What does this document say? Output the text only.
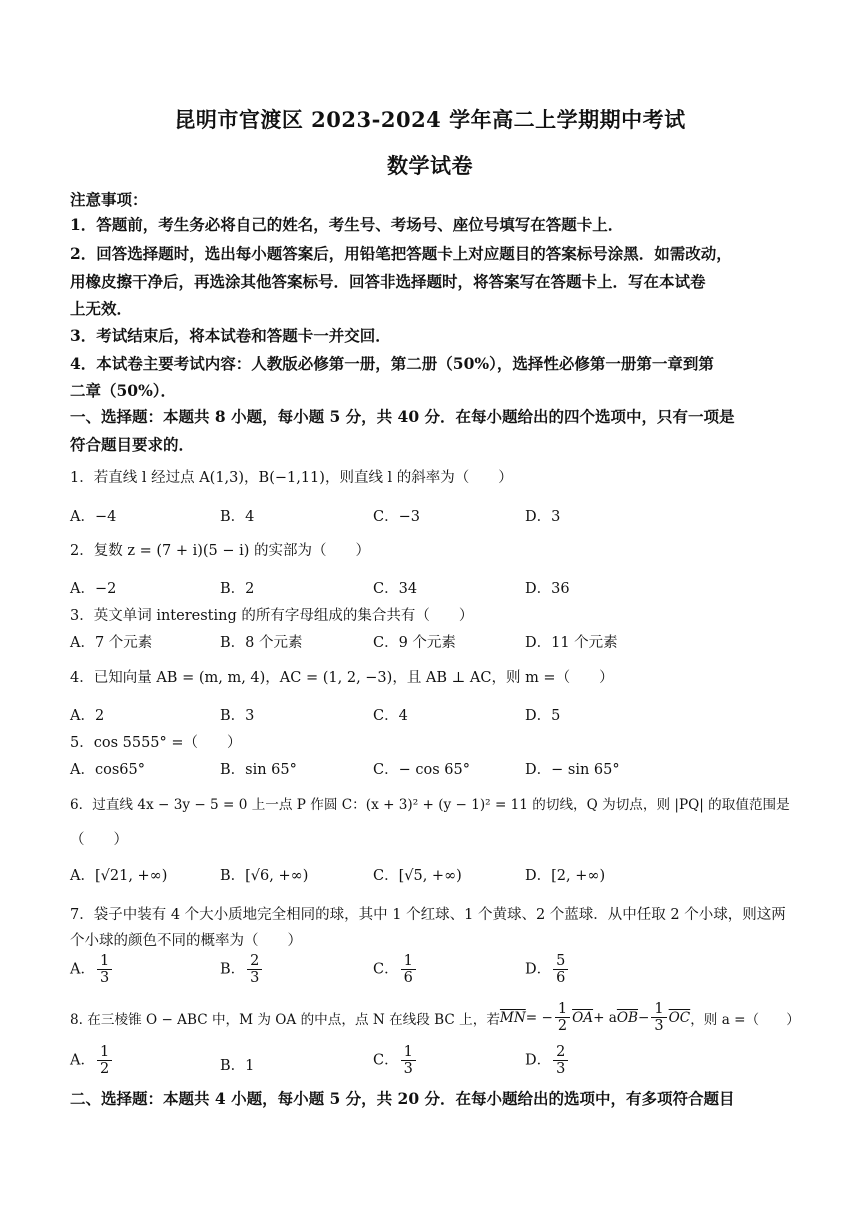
昆明市官渡区 2023-2024 学年高二上学期期中考试
数学试卷
注意事项：
1．答题前，考生务必将自己的姓名，考生号、考场号、座位号填写在答题卡上．
2．回答选择题时，选出每小题答案后，用铅笔把答题卡上对应题目的答案标号涂黑．如需改动，
用橡皮擦干净后，再选涂其他答案标号．回答非选择题时，将答案写在答题卡上．写在本试卷
上无效．
3．考试结束后，将本试卷和答题卡一并交回．
4．本试卷主要考试内容：人教版必修第一册，第二册（50%），选择性必修第一册第一章到第
二章（50%）．
一、选择题：本题共 8 小题，每小题 5 分，共 40 分．在每小题给出的四个选项中，只有一项是
符合题目要求的．
1．若直线 l 经过点 A(1,3)，B(−1,11)，则直线 l 的斜率为（　　）
A．−4	B．4	C．−3	D．3
2．复数 z = (7 + i)(5 − i) 的实部为（　　）
A．−2	B．2	C．34	D．36
3．英文单词 interesting 的所有字母组成的集合共有（　　）
A．7 个元素	B．8 个元素	C．9 个元素	D．11 个元素
4．已知向量 AB = (m, m, 4)，AC = (1, 2, −3)，且 AB ⊥ AC，则 m =（　　）
A．2	B．3	C．4	D．5
5．cos 5555° =（　　）
A．cos65°	B．sin 65°	C．− cos 65°	D．− sin 65°
6．过直线 4x − 3y − 5 = 0 上一点 P 作圆 C：(x + 3)² + (y − 1)² = 11 的切线，Q 为切点，则 |PQ| 的取值范围是
（　　）
A．[√21, +∞)	B．[√6, +∞)	C．[√5, +∞)	D．[2, +∞)
7．袋子中装有 4 个大小质地完全相同的球，其中 1 个红球、1 个黄球、2 个蓝球．从中任取 2 个小球，则这两
个小球的颜色不同的概率为（　　）
A． $\frac{1}{3}$	B． $\frac{2}{3}$	C． $\frac{1}{6}$	D． $\frac{5}{6}$
8. 在三棱锥 O − ABC 中，M 为 OA 的中点，点 N 在线段 BC 上，若 $\overline{MN}$ = − $\frac{1}{2} \overline{OA} + a$ $\overline{OB} - \frac{1}{3} \overline{OC}$ ，则 a =（　　）
A． $\frac{1}{2}$	B．1	C． $\frac{1}{3}$	D． $\frac{2}{3}$
二、选择题：本题共 4 小题，每小题 5 分，共 20 分．在每小题给出的选项中，有多项符合题目
